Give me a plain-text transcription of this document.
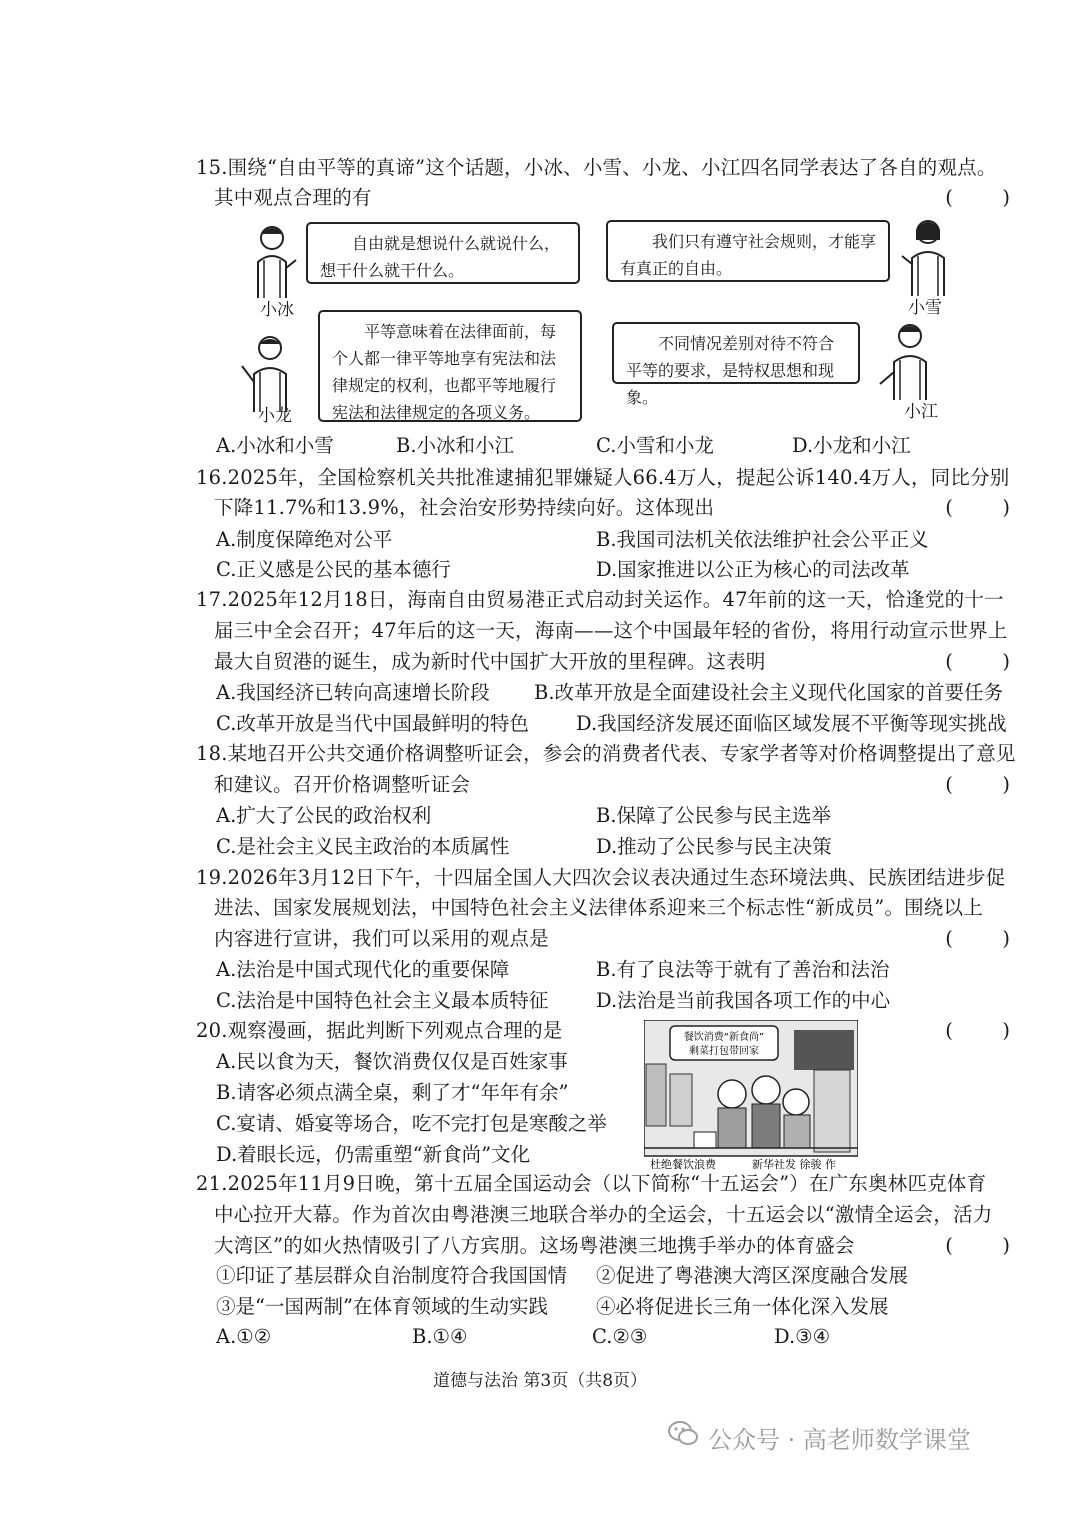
15.围绕“自由平等的真谛”这个话题，小冰、小雪、小龙、小江四名同学表达了各自的观点。
其中观点合理的有	(        )
小冰
自由就是想说什么就说什么，想干什么就干什么。
我们只有遵守社会规则，才能享有真正的自由。
小雪
小龙
平等意味着在法律面前，每个人都一律平等地享有宪法和法律规定的权利，也都平等地履行宪法和法律规定的各项义务。
不同情况差别对待不符合平等的要求，是特权思想和现象。
小江
A.小冰和小雪	B.小冰和小江	C.小雪和小龙	D.小龙和小江
16.2025年，全国检察机关共批准逮捕犯罪嫌疑人66.4万人，提起公诉140.4万人，同比分别
下降11.7%和13.9%，社会治安形势持续向好。这体现出	(        )
A.制度保障绝对公平	B.我国司法机关依法维护社会公平正义
C.正义感是公民的基本德行	D.国家推进以公正为核心的司法改革
17.2025年12月18日，海南自由贸易港正式启动封关运作。47年前的这一天，恰逢党的十一
届三中全会召开；47年后的这一天，海南——这个中国最年轻的省份，将用行动宣示世界上
最大自贸港的诞生，成为新时代中国扩大开放的里程碑。这表明	(        )
A.我国经济已转向高速增长阶段 B.改革开放是全面建设社会主义现代化国家的首要任务
C.改革开放是当代中国最鲜明的特色 D.我国经济发展还面临区域发展不平衡等现实挑战
18.某地召开公共交通价格调整听证会，参会的消费者代表、专家学者等对价格调整提出了意见
和建议。召开价格调整听证会	(        )
A.扩大了公民的政治权利	B.保障了公民参与民主选举
C.是社会主义民主政治的本质属性	D.推动了公民参与民主决策
19.2026年3月12日下午，十四届全国人大四次会议表决通过生态环境法典、民族团结进步促
进法、国家发展规划法，中国特色社会主义法律体系迎来三个标志性“新成员”。围绕以上
内容进行宣讲，我们可以采用的观点是	(        )
A.法治是中国式现代化的重要保障	B.有了良法等于就有了善治和法治
C.法治是中国特色社会主义最本质特征 D.法治是当前我国各项工作的中心
20.观察漫画，据此判断下列观点合理的是	(        )
A.民以食为天，餐饮消费仅仅是百姓家事
B.请客必须点满全桌，剩了才“年年有余”
C.宴请、婚宴等场合，吃不完打包是寒酸之举
D.着眼长远，仍需重塑“新食尚”文化
餐饮消费“新食尚”
剩菜打包带回家
杜绝餐饮浪费	新华社发 徐骏 作
21.2025年11月9日晚，第十五届全国运动会（以下简称“十五运会”）在广东奥林匹克体育
中心拉开大幕。作为首次由粤港澳三地联合举办的全运会，十五运会以“激情全运会，活力
大湾区”的如火热情吸引了八方宾朋。这场粤港澳三地携手举办的体育盛会	(        )
①印证了基层群众自治制度符合我国国情 ②促进了粤港澳大湾区深度融合发展
③是“一国两制”在体育领域的生动实践 ④必将促进长三角一体化深入发展
A.①②	B.①④	C.②③	D.③④
道德与法治 第3页（共8页）
公众号 · 高老师数学课堂
